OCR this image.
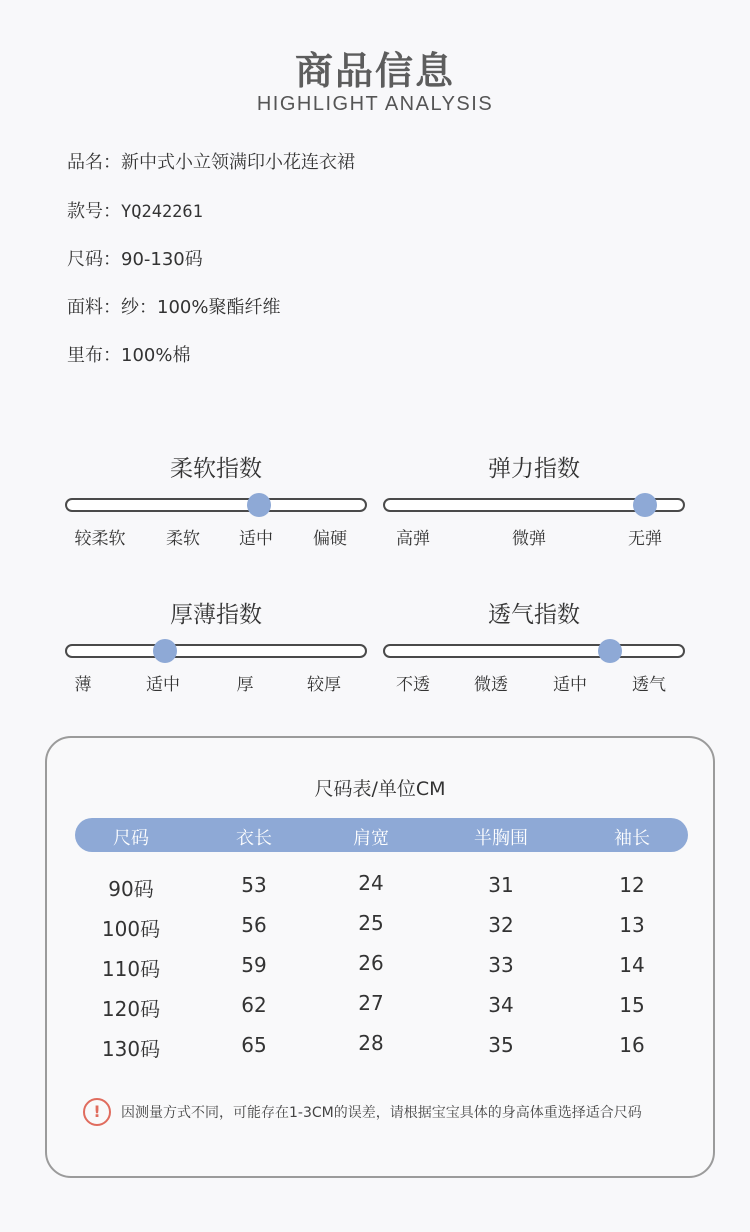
商品信息
HIGHLIGHT ANALYSIS
品名：新中式小立领满印小花连衣裙
款号：YQ242261
尺码：90-130码
面料：纱：100%聚酯纤维
里布：100%棉
柔软指数
较柔软 柔软 适中 偏硬
弹力指数
高弹	微弹	无弹
厚薄指数
薄	适中	厚	较厚
透气指数
不透	微透	适中	透气
尺码表/单位CM
尺码	衣长	肩宽	半胸围	袖长
90码	53	24	31	12
100码	56	25	32	13
110码	59	26	33	14
120码	62	27	34	15
130码	65	28	35	16
!	因测量方式不同，可能存在1-3CM的误差，请根据宝宝具体的身高体重选择适合尺码
